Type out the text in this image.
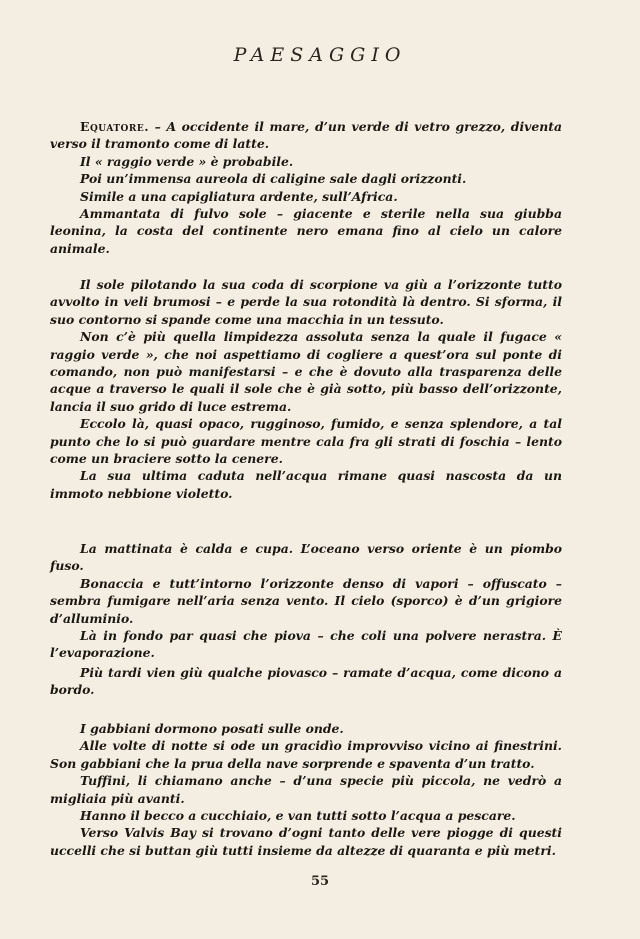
PAESAGGIO

Equatore. – A occidente il mare, d’un verde di vetro grezzo, diventa verso il tramonto come di latte.

Il « raggio verde » è probabile.

Poi un’immensa aureola di caligine sale dagli orizzonti.

Simile a una capigliatura ardente, sull’Africa.

Ammantata di fulvo sole – giacente e sterile nella sua giubba leonina, la costa del continente nero emana fino al cielo un calore animale.

Il sole pilotando la sua coda di scorpione va giù a l’orizzonte tutto avvolto in veli brumosi – e perde la sua rotondità là dentro. Si sforma, il suo contorno si spande come una macchia in un tessuto.

Non c’è più quella limpidezza assoluta senza la quale il fugace « raggio verde », che noi aspettiamo di cogliere a quest’ora sul ponte di comando, non può manifestarsi – e che è dovuto alla trasparenza delle acque a traverso le quali il sole che è già sotto, più basso dell’orizzonte, lancia il suo grido di luce estrema.

Eccolo là, quasi opaco, rugginoso, fumido, e senza splendore, a tal punto che lo si può guardare mentre cala fra gli strati di foschia – lento come un braciere sotto la cenere.

La sua ultima caduta nell’acqua rimane quasi nascosta da un immoto nebbione violetto.

La mattinata è calda e cupa. L’oceano verso oriente è un piombo fuso.

Bonaccia e tutt’intorno l’orizzonte denso di vapori – offuscato – sembra fumigare nell’aria senza vento. Il cielo (sporco) è d’un grigiore d’alluminio.

Là in fondo par quasi che piova – che coli una polvere nerastra. È l’evaporazione.

Più tardi vien giù qualche piovasco – ramate d’acqua, come dicono a bordo.

I gabbiani dormono posati sulle onde.

Alle volte di notte si ode un gracidìo improvviso vicino ai finestrini. Son gabbiani che la prua della nave sorprende e spaventa d’un tratto.

Tuffini, li chiamano anche – d’una specie più piccola, ne vedrò a migliaia più avanti.

Hanno il becco a cucchiaio, e van tutti sotto l’acqua a pescare.

Verso Valvis Bay si trovano d’ogni tanto delle vere piogge di questi uccelli che si buttan giù tutti insieme da altezze di quaranta e più metri.

55
